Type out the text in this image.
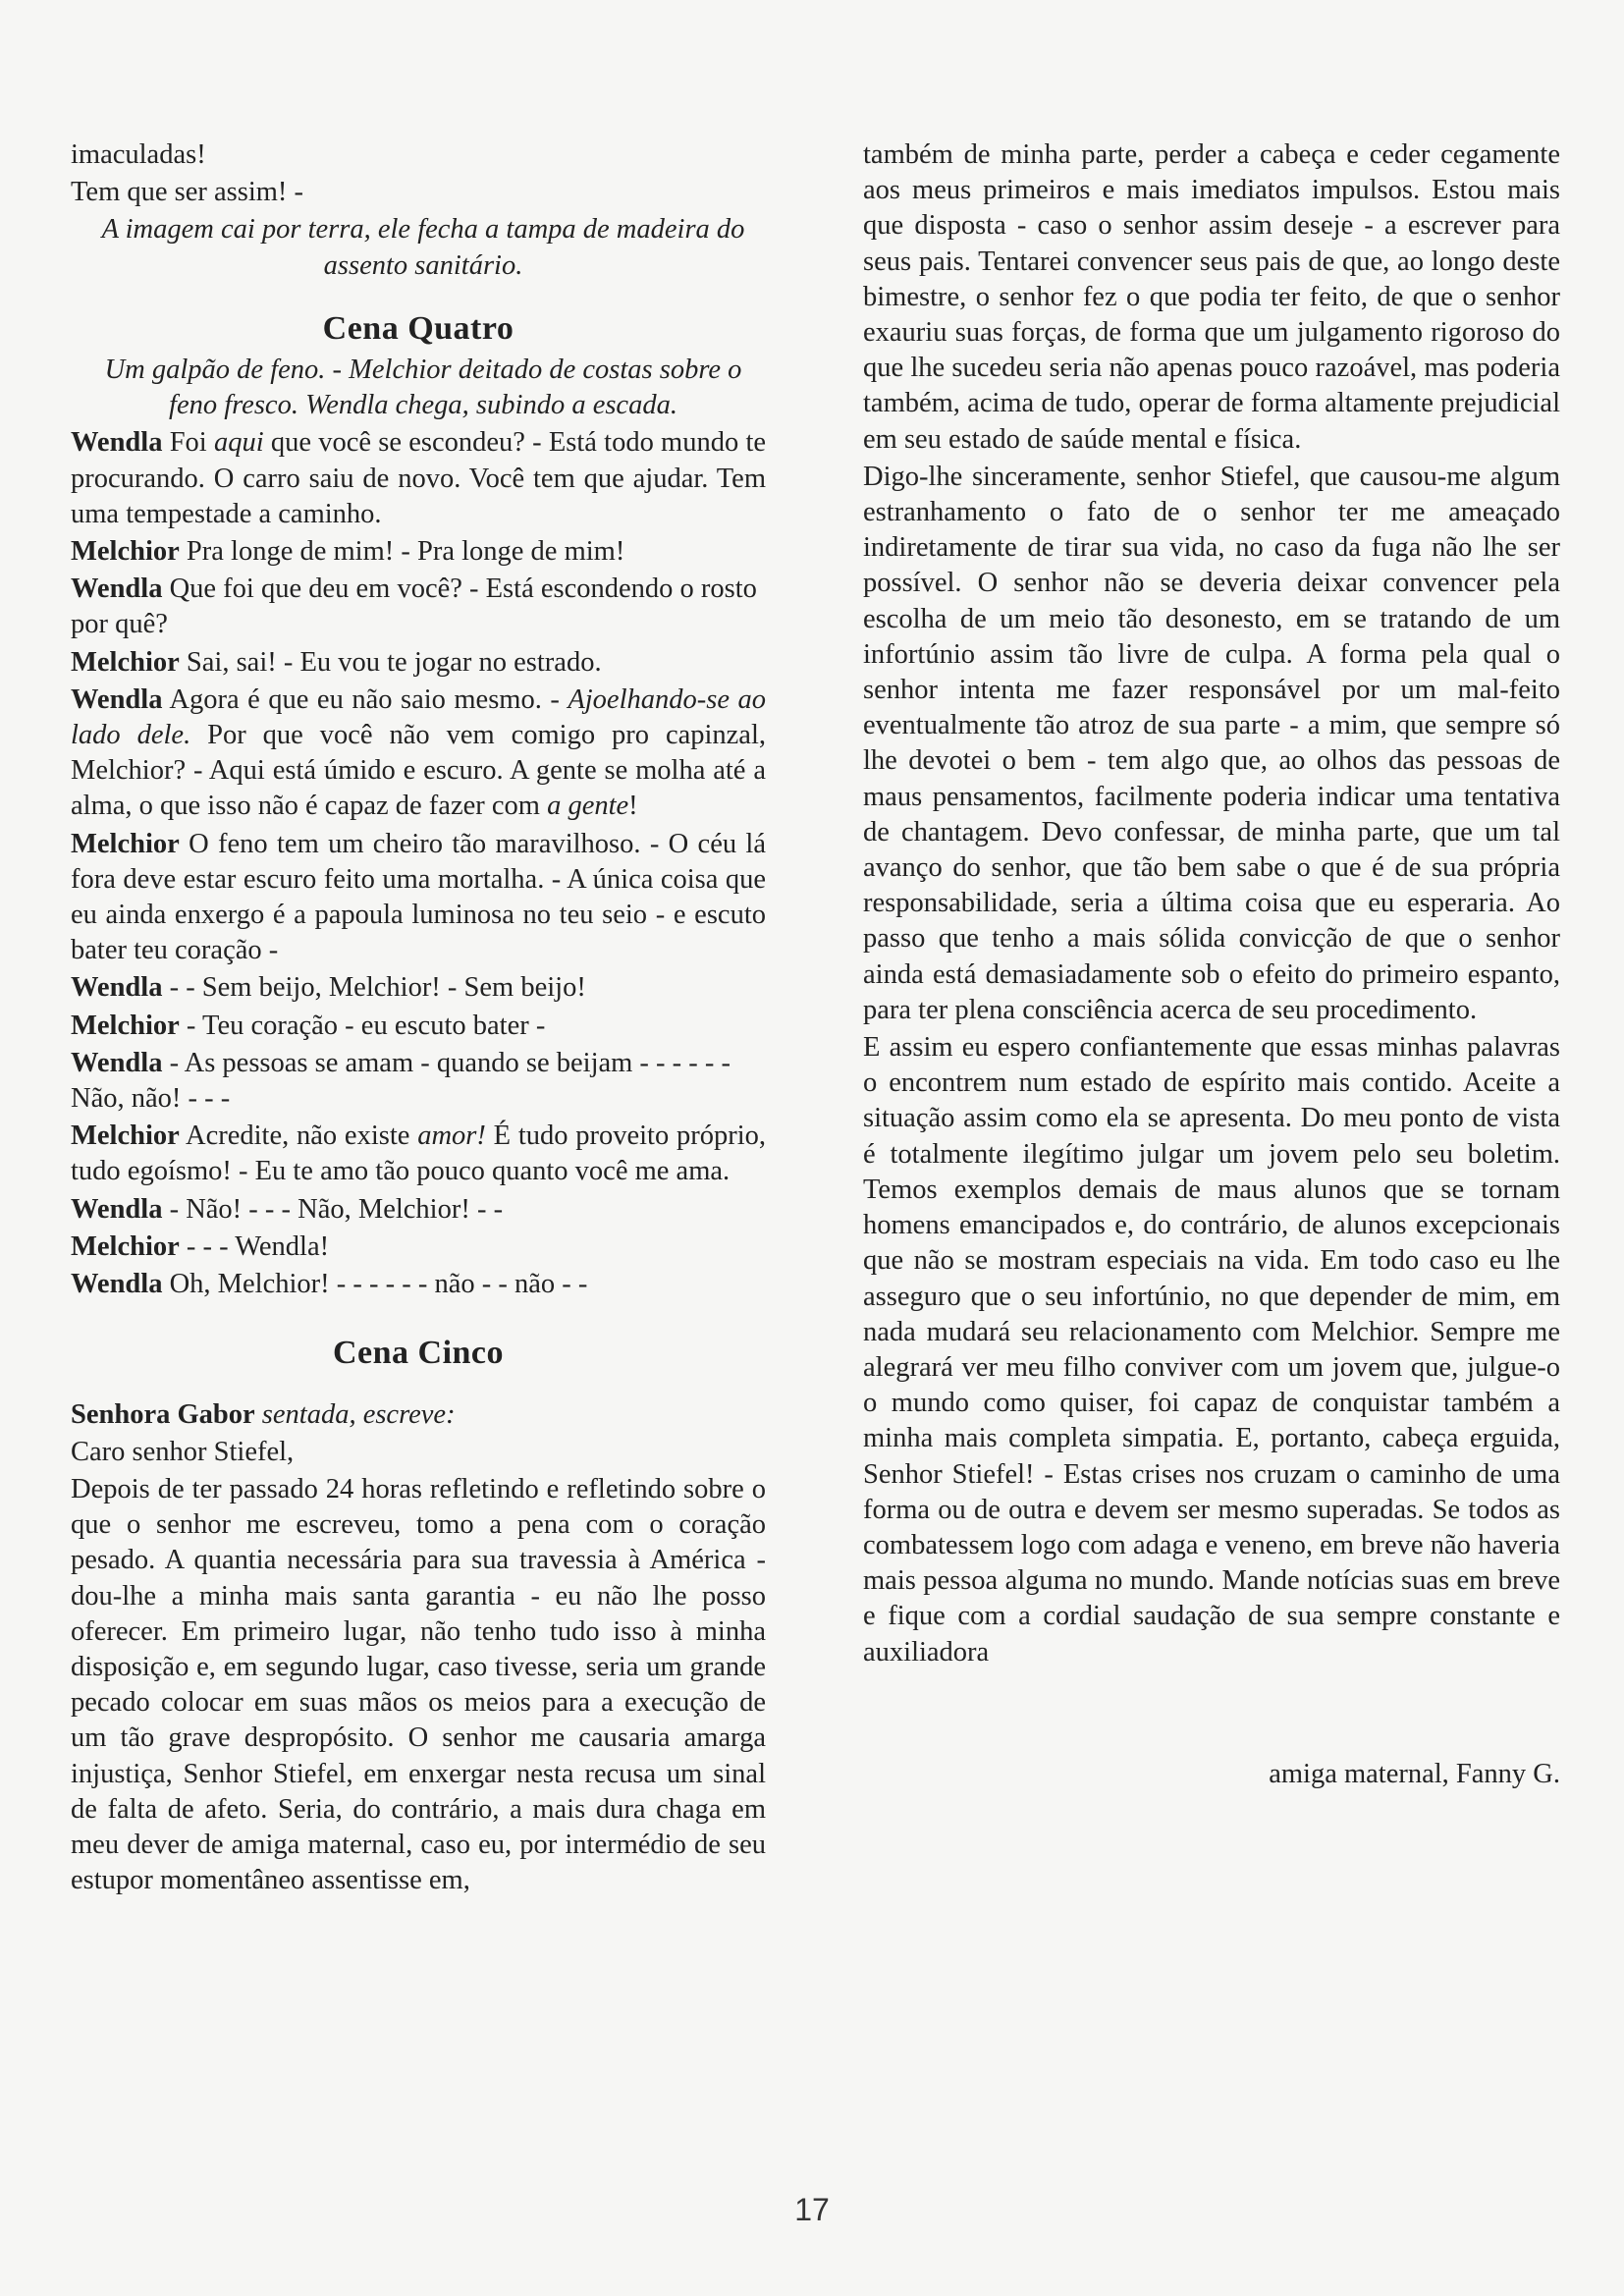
imaculadas!

Tem que ser assim! -

A imagem cai por terra, ele fecha a tampa de madeira do assento sanitário.

Cena Quatro

Um galpão de feno. - Melchior deitado de costas sobre o feno fresco. Wendla chega, subindo a escada.

Wendla Foi aqui que você se escondeu? - Está todo mundo te procurando. O carro saiu de novo. Você tem que ajudar. Tem uma tempestade a caminho.

Melchior Pra longe de mim! - Pra longe de mim!

Wendla Que foi que deu em você? - Está escondendo o rosto por quê?

Melchior Sai, sai! - Eu vou te jogar no estrado.

Wendla Agora é que eu não saio mesmo. - Ajoelhando-se ao lado dele. Por que você não vem comigo pro capinzal, Melchior? - Aqui está úmido e escuro. A gente se molha até a alma, o que isso não é capaz de fazer com a gente!

Melchior O feno tem um cheiro tão maravilhoso. - O céu lá fora deve estar escuro feito uma mortalha. - A única coisa que eu ainda enxergo é a papoula luminosa no teu seio - e escuto bater teu coração -

Wendla - - Sem beijo, Melchior! - Sem beijo!

Melchior - Teu coração - eu escuto bater -

Wendla - As pessoas se amam - quando se beijam - - - - - - Não, não! - - -

Melchior Acredite, não existe amor! É tudo proveito próprio, tudo egoísmo! - Eu te amo tão pouco quanto você me ama.

Wendla - Não! - - - Não, Melchior! - -

Melchior - - - Wendla!

Wendla Oh, Melchior! - - - - - - não - - não - -

Cena Cinco

Senhora Gabor sentada, escreve:

Caro senhor Stiefel,

Depois de ter passado 24 horas refletindo e refletindo sobre o que o senhor me escreveu, tomo a pena com o coração pesado. A quantia necessária para sua travessia à América - dou-lhe a minha mais santa garantia - eu não lhe posso oferecer. Em primeiro lugar, não tenho tudo isso à minha disposição e, em segundo lugar, caso tivesse, seria um grande pecado colocar em suas mãos os meios para a execução de um tão grave despropósito. O senhor me causaria amarga injustiça, Senhor Stiefel, em enxergar nesta recusa um sinal de falta de afeto. Seria, do contrário, a mais dura chaga em meu dever de amiga maternal, caso eu, por intermédio de seu estupor momentâneo assentisse em,

também de minha parte, perder a cabeça e ceder cegamente aos meus primeiros e mais imediatos impulsos. Estou mais que disposta - caso o senhor assim deseje - a escrever para seus pais. Tentarei convencer seus pais de que, ao longo deste bimestre, o senhor fez o que podia ter feito, de que o senhor exauriu suas forças, de forma que um julgamento rigoroso do que lhe sucedeu seria não apenas pouco razoável, mas poderia também, acima de tudo, operar de forma altamente prejudicial em seu estado de saúde mental e física.

Digo-lhe sinceramente, senhor Stiefel, que causou-me algum estranhamento o fato de o senhor ter me ameaçado indiretamente de tirar sua vida, no caso da fuga não lhe ser possível. O senhor não se deveria deixar convencer pela escolha de um meio tão desonesto, em se tratando de um infortúnio assim tão livre de culpa. A forma pela qual o senhor intenta me fazer responsável por um mal-feito eventualmente tão atroz de sua parte - a mim, que sempre só lhe devotei o bem - tem algo que, ao olhos das pessoas de maus pensamentos, facilmente poderia indicar uma tentativa de chantagem. Devo confessar, de minha parte, que um tal avanço do senhor, que tão bem sabe o que é de sua própria responsabilidade, seria a última coisa que eu esperaria. Ao passo que tenho a mais sólida convicção de que o senhor ainda está demasiadamente sob o efeito do primeiro espanto, para ter plena consciência acerca de seu procedimento.

E assim eu espero confiantemente que essas minhas palavras o encontrem num estado de espírito mais contido. Aceite a situação assim como ela se apresenta. Do meu ponto de vista é totalmente ilegítimo julgar um jovem pelo seu boletim. Temos exemplos demais de maus alunos que se tornam homens emancipados e, do contrário, de alunos excepcionais que não se mostram especiais na vida. Em todo caso eu lhe asseguro que o seu infortúnio, no que depender de mim, em nada mudará seu relacionamento com Melchior. Sempre me alegrará ver meu filho conviver com um jovem que, julgue-o o mundo como quiser, foi capaz de conquistar também a minha mais completa simpatia. E, portanto, cabeça erguida, Senhor Stiefel! - Estas crises nos cruzam o caminho de uma forma ou de outra e devem ser mesmo superadas. Se todos as combatessem logo com adaga e veneno, em breve não haveria mais pessoa alguma no mundo. Mande notícias suas em breve e fique com a cordial saudação de sua sempre constante e auxiliadora

amiga maternal, Fanny G.

17
